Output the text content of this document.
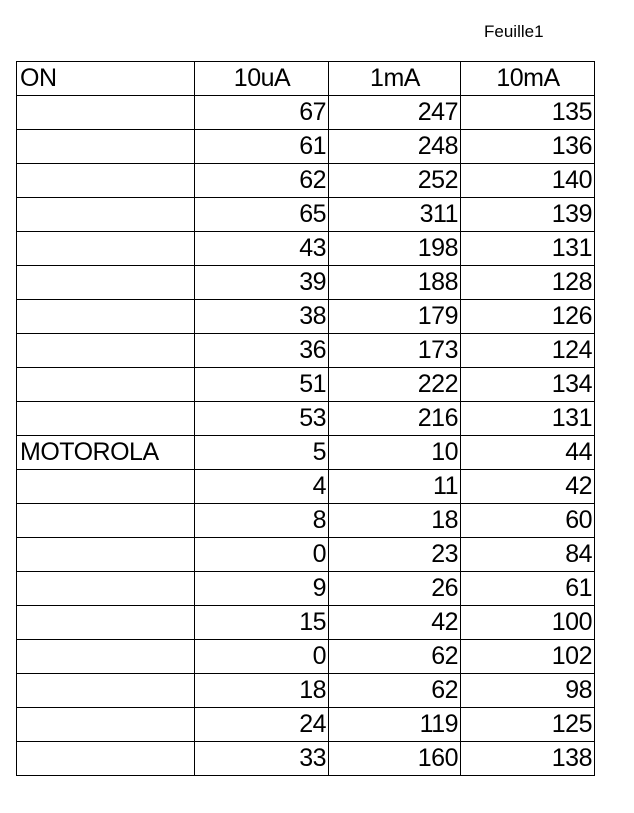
Feuille1
ON	10uA	1mA	10mA
	67	247	135
	61	248	136
	62	252	140
	65	311	139
	43	198	131
	39	188	128
	38	179	126
	36	173	124
	51	222	134
	53	216	131
MOTOROLA	5	10	44
	4	11	42
	8	18	60
	0	23	84
	9	26	61
	15	42	100
	0	62	102
	18	62	98
	24	119	125
	33	160	138
